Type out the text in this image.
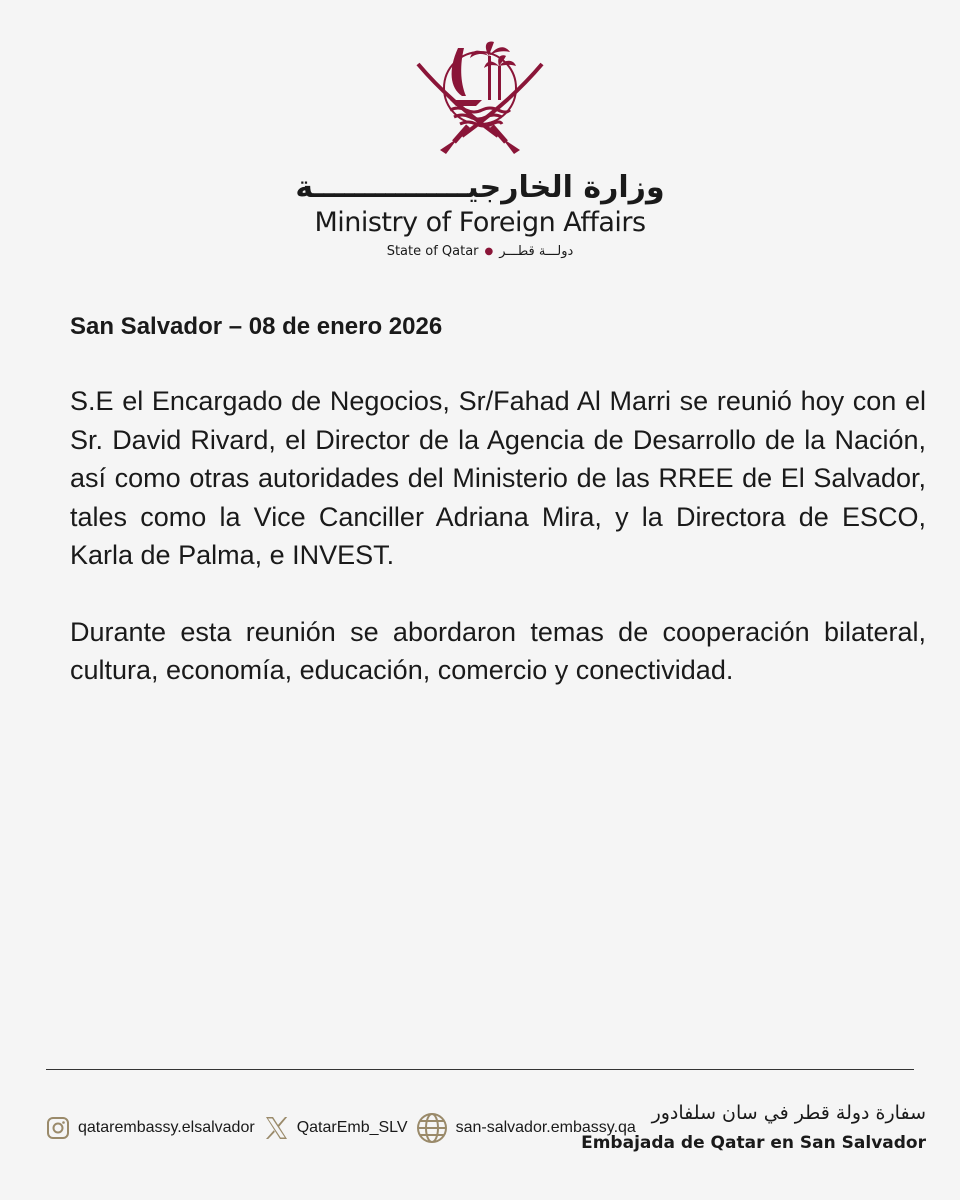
وزارة الخارجيـــــــــــــــة
Ministry of Foreign Affairs
State of Qatar ● دولـــة قطـــر

San Salvador – 08 de enero 2026

S.E el Encargado de Negocios, Sr/Fahad Al Marri se reunió hoy con el Sr. David Rivard, el Director de la Agencia de Desarrollo de la Nación, así como otras autoridades del Ministerio de las RREE de El Salvador, tales como la Vice Canciller Adriana Mira, y la Directora de ESCO, Karla de Palma, e INVEST.

Durante esta reunión se abordaron temas de cooperación bilateral, cultura, economía, educación, comercio y conectividad.

qatarembassy.elsalvador	QatarEmb_SLV	san-salvador.embassy.qa
سفارة دولة قطر في سان سلفادور
Embajada de Qatar en San Salvador
